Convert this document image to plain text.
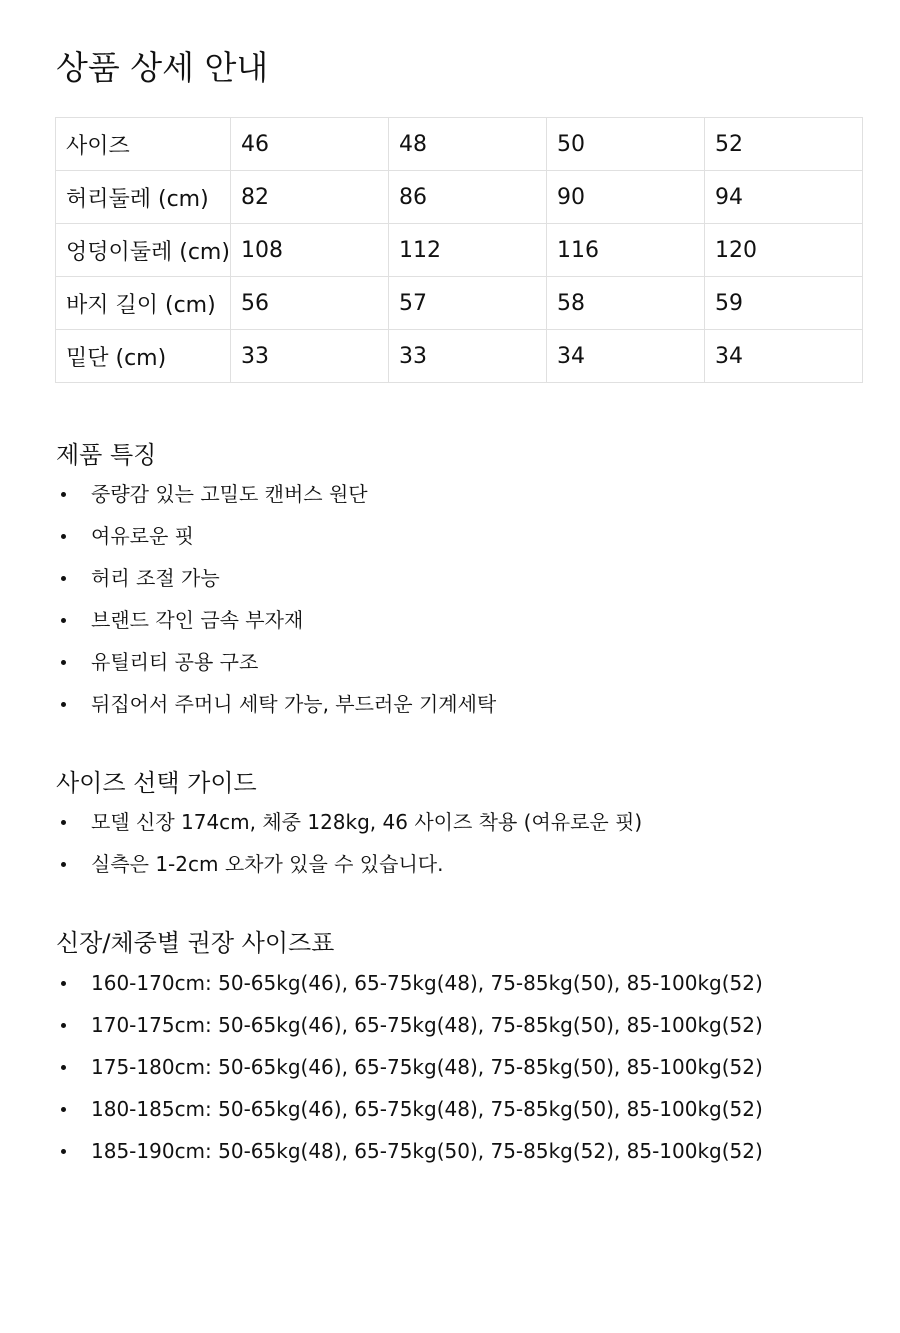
상품 상세 안내
사이즈	46	48	50	52
허리둘레 (cm)	82	86	90	94
엉덩이둘레 (cm)	108	112	116	120
바지 길이 (cm)	56	57	58	59
밑단 (cm)	33	33	34	34
제품 특징
중량감 있는 고밀도 캔버스 원단
여유로운 핏
허리 조절 가능
브랜드 각인 금속 부자재
유틸리티 공용 구조
뒤집어서 주머니 세탁 가능, 부드러운 기계세탁
사이즈 선택 가이드
모델 신장 174cm, 체중 128kg, 46 사이즈 착용 (여유로운 핏)
실측은 1-2cm 오차가 있을 수 있습니다.
신장/체중별 권장 사이즈표
160-170cm: 50-65kg(46), 65-75kg(48), 75-85kg(50), 85-100kg(52)
170-175cm: 50-65kg(46), 65-75kg(48), 75-85kg(50), 85-100kg(52)
175-180cm: 50-65kg(46), 65-75kg(48), 75-85kg(50), 85-100kg(52)
180-185cm: 50-65kg(46), 65-75kg(48), 75-85kg(50), 85-100kg(52)
185-190cm: 50-65kg(48), 65-75kg(50), 75-85kg(52), 85-100kg(52)
